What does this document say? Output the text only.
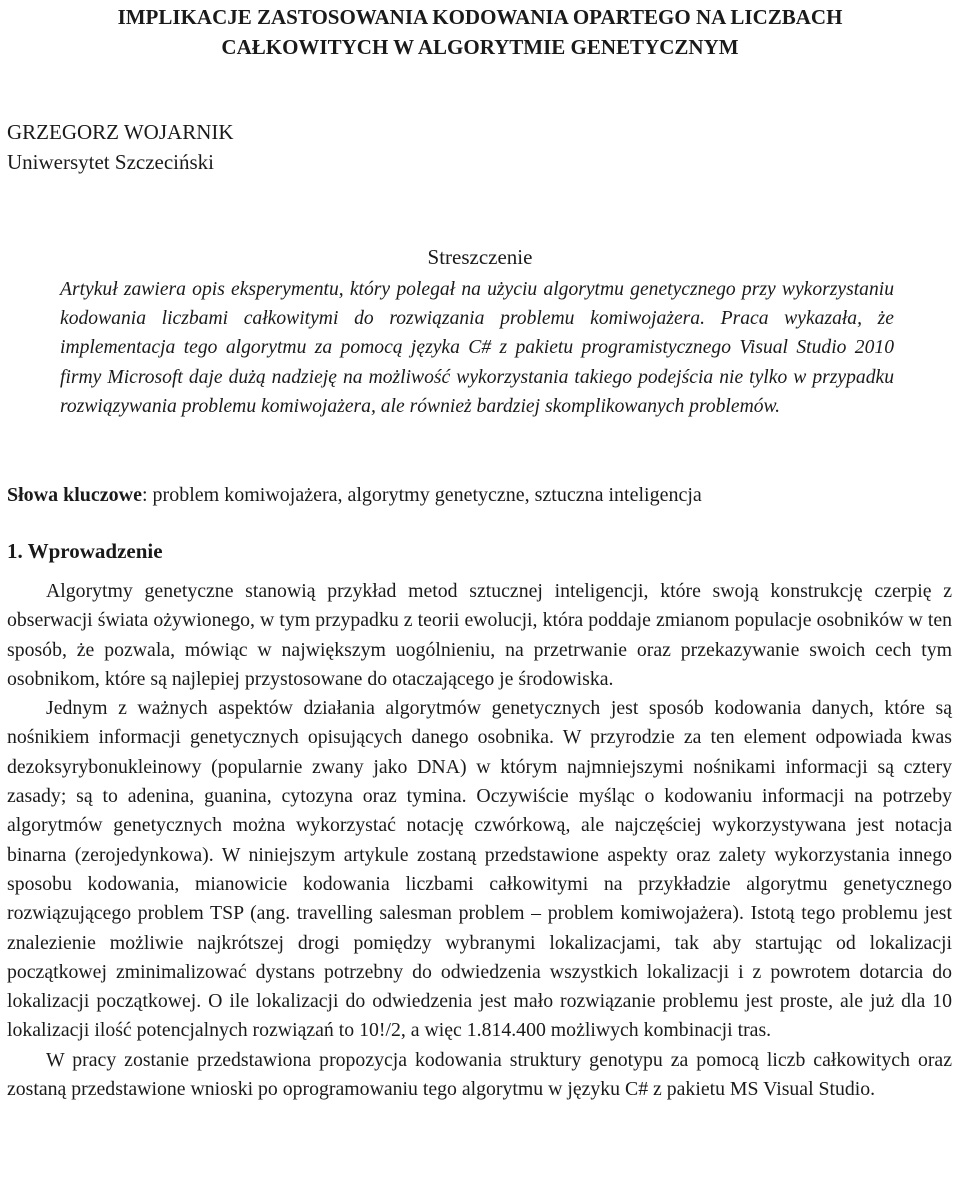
IMPLIKACJE ZASTOSOWANIA KODOWANIA OPARTEGO NA LICZBACH
CAŁKOWITYCH W ALGORYTMIE GENETYCZNYM
GRZEGORZ WOJARNIK
Uniwersytet Szczeciński
Streszczenie

Artykuł zawiera opis eksperymentu, który polegał na użyciu algorytmu genetycznego przy wykorzystaniu kodowania liczbami całkowitymi do rozwiązania problemu komiwojażera. Praca wykazała, że implementacja tego algorytmu za pomocą języka C# z pakietu programistycznego Visual Studio 2010 firmy Microsoft daje dużą nadzieję na możliwość wykorzystania takiego podejścia nie tylko w przypadku rozwiązywania problemu komiwojażera, ale również bardziej skomplikowanych problemów.

Słowa kluczowe: problem komiwojażera, algorytmy genetyczne, sztuczna inteligencja
1. Wprowadzenie

Algorytmy genetyczne stanowią przykład metod sztucznej inteligencji, które swoją konstrukcję czerpię z obserwacji świata ożywionego, w tym przypadku z teorii ewolucji, która poddaje zmianom populacje osobników w ten sposób, że pozwala, mówiąc w największym uogólnieniu, na przetrwanie oraz przekazywanie swoich cech tym osobnikom, które są najlepiej przystosowane do otaczającego je środowiska.

Jednym z ważnych aspektów działania algorytmów genetycznych jest sposób kodowania danych, które są nośnikiem informacji genetycznych opisujących danego osobnika. W przyrodzie za ten element odpowiada kwas dezoksyrybonukleinowy (popularnie zwany jako DNA) w którym najmniejszymi nośnikami informacji są cztery zasady; są to adenina, guanina, cytozyna oraz tymina. Oczywiście myśląc o kodowaniu informacji na potrzeby algorytmów genetycznych można wykorzystać notację czwórkową, ale najczęściej wykorzystywana jest notacja binarna (zerojedynkowa). W niniejszym artykule zostaną przedstawione aspekty oraz zalety wykorzystania innego sposobu kodowania, mianowicie kodowania liczbami całkowitymi na przykładzie algorytmu genetycznego rozwiązującego problem TSP (ang. travelling salesman problem – problem komiwojażera). Istotą tego problemu jest znalezienie możliwie najkrótszej drogi pomiędzy wybranymi lokalizacjami, tak aby startując od lokalizacji początkowej zminimalizować dystans potrzebny do odwiedzenia wszystkich lokalizacji i z powrotem dotarcia do lokalizacji początkowej. O ile lokalizacji do odwiedzenia jest mało rozwiązanie problemu jest proste, ale już dla 10 lokalizacji ilość potencjalnych rozwiązań to 10!/2, a więc 1.814.400 możliwych kombinacji tras.

W pracy zostanie przedstawiona propozycja kodowania struktury genotypu za pomocą liczb całkowitych oraz zostaną przedstawione wnioski po oprogramowaniu tego algorytmu w języku C# z pakietu MS Visual Studio.
